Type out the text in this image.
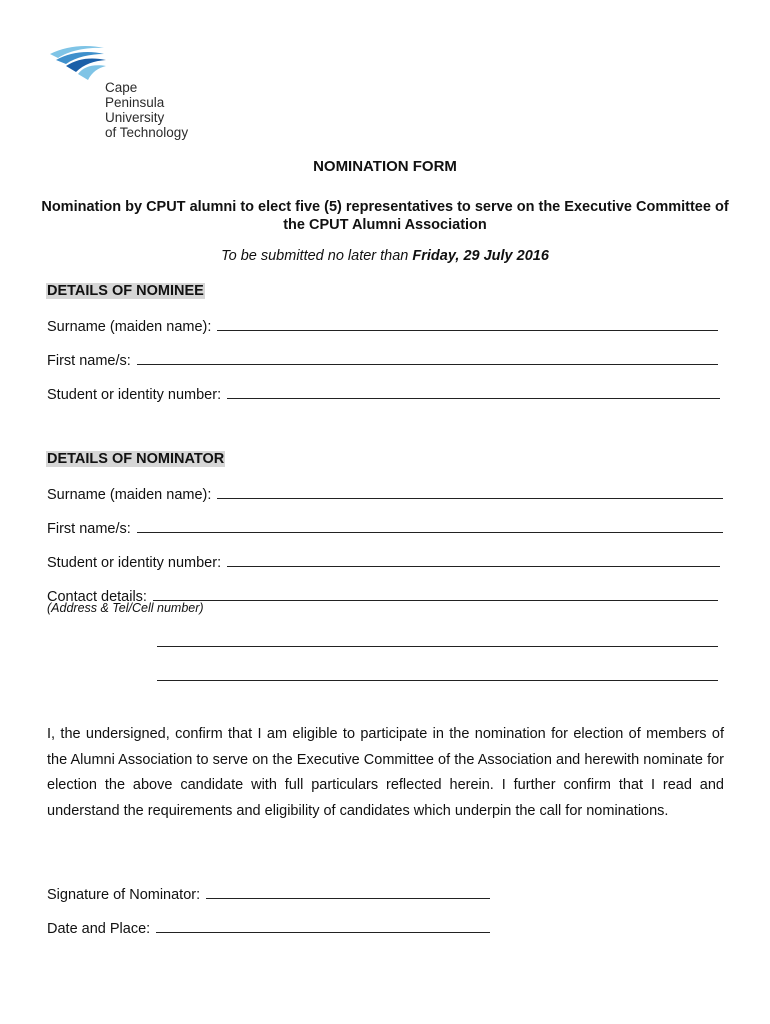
Cape
Peninsula
University
of Technology
NOMINATION FORM
Nomination by CPUT alumni to elect five (5) representatives to serve on the Executive Committee of the CPUT Alumni Association
To be submitted no later than Friday, 29 July 2016
DETAILS OF NOMINEE
Surname (maiden name):
First name/s:
Student or identity number:
DETAILS OF NOMINATOR
Surname (maiden name):
First name/s:
Student or identity number:
Contact details:
(Address & Tel/Cell number)
I, the undersigned, confirm that I am eligible to participate in the nomination for election of members of the Alumni Association to serve on the Executive Committee of the Association and herewith nominate for election the above candidate with full particulars reflected herein. I further confirm that I read and understand the requirements and eligibility of candidates which underpin the call for nominations.
Signature of Nominator:
Date and Place:
